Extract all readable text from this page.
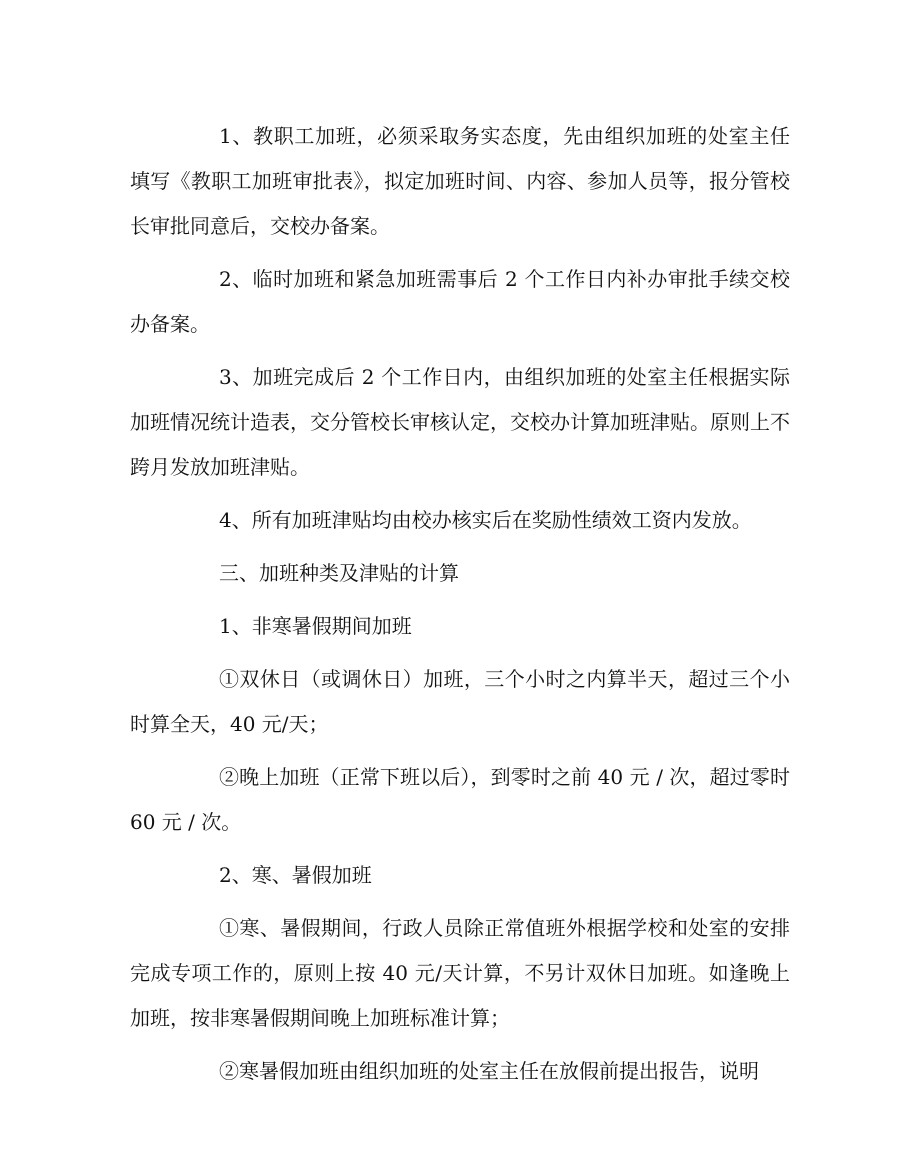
1、教职工加班，必须采取务实态度，先由组织加班的处室主任填写《教职工加班审批表》，拟定加班时间、内容、参加人员等，报分管校长审批同意后，交校办备案。

2、临时加班和紧急加班需事后 2 个工作日内补办审批手续交校办备案。

3、加班完成后 2 个工作日内，由组织加班的处室主任根据实际加班情况统计造表，交分管校长审核认定，交校办计算加班津贴。原则上不跨月发放加班津贴。

4、所有加班津贴均由校办核实后在奖励性绩效工资内发放。

三、加班种类及津贴的计算

1、非寒暑假期间加班

①双休日（或调休日）加班，三个小时之内算半天，超过三个小时算全天，40 元/天；

②晚上加班（正常下班以后），到零时之前 40 元 / 次，超过零时 60 元 / 次。

2、寒、暑假加班

①寒、暑假期间，行政人员除正常值班外根据学校和处室的安排完成专项工作的，原则上按 40 元/天计算，不另计双休日加班。如逢晚上加班，按非寒暑假期间晚上加班标准计算；

②寒暑假加班由组织加班的处室主任在放假前提出报告，说明
